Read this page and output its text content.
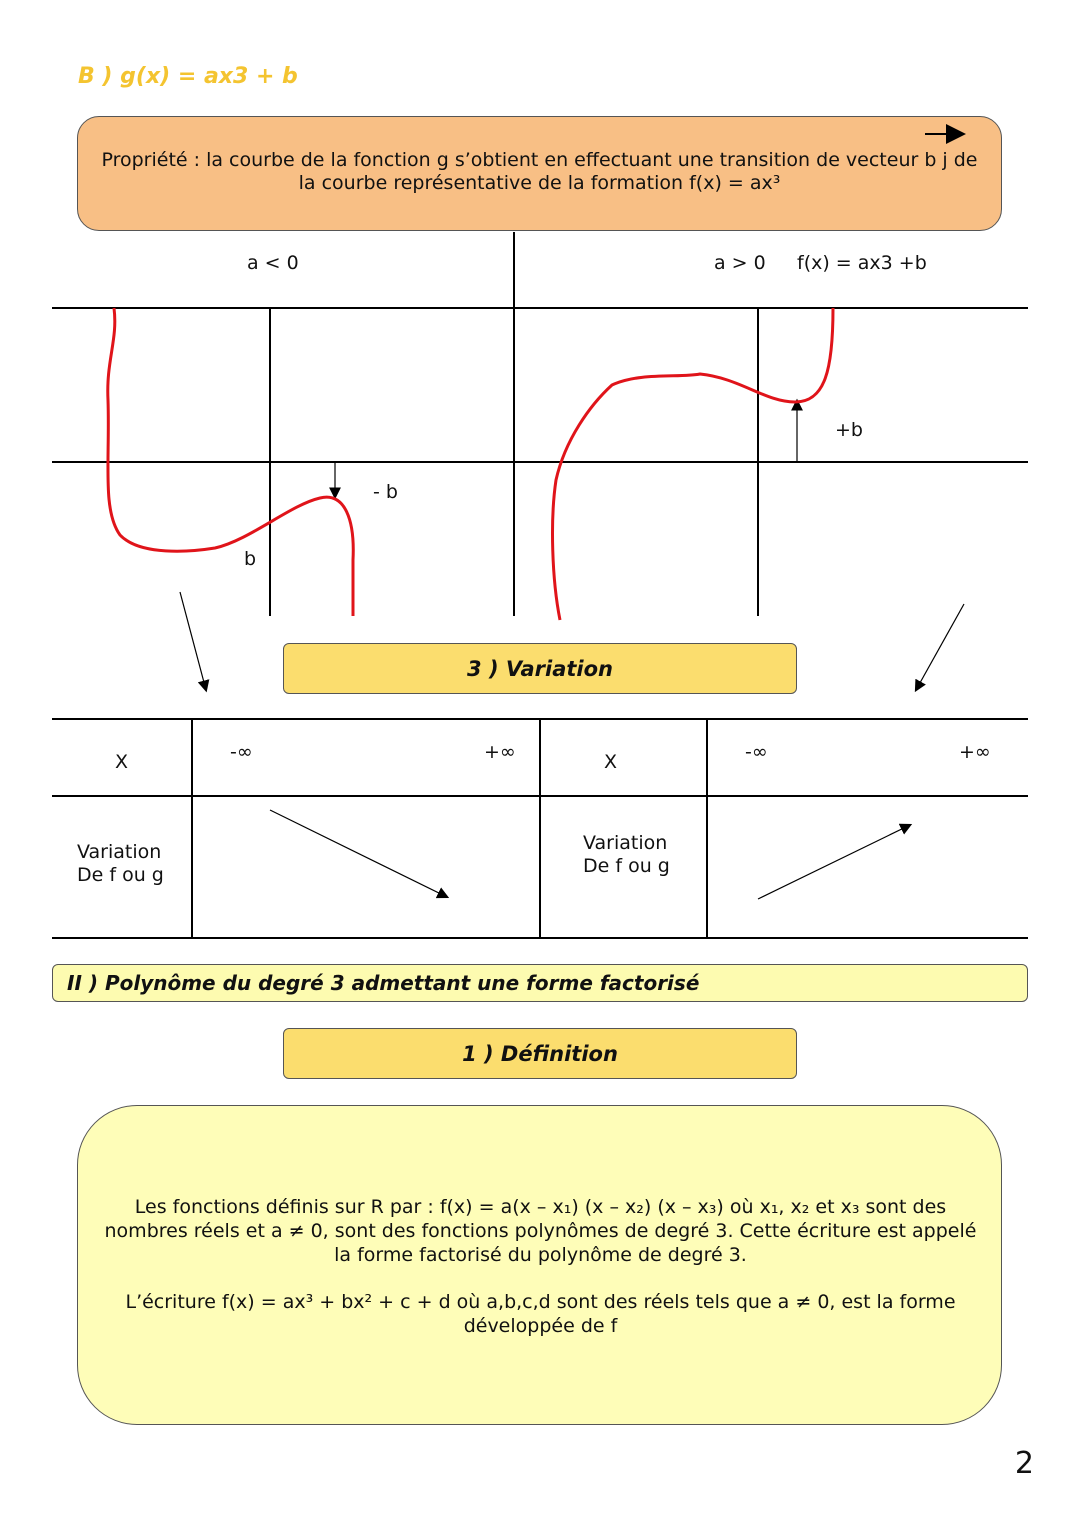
B ) g(x) = ax3 + b
Propriété : la courbe de la fonction g s’obtient en effectuant une transition de vecteur b j de
la courbe représentative de la formation f(x) = ax³
a < 0	a > 0 f(x) = ax3 +b
- b
b
+b
3 ) Variation
X	-∞	+∞
Variation
De f ou g
X	-∞	+∞
Variation
De f ou g
II ) Polynôme du degré 3 admettant une forme factorisé
1 ) Définition
Les fonctions définis sur R par : f(x) = a(x – x₁) (x – x₂) (x – x₃) où x₁, x₂ et x₃ sont des
nombres réels et a ≠ 0, sont des fonctions polynômes de degré 3. Cette écriture est appelé
la forme factorisé du polynôme de degré 3.
L’écriture f(x) = ax³ + bx² + c + d où a,b,c,d sont des réels tels que a ≠ 0, est la forme
développée de f
2
